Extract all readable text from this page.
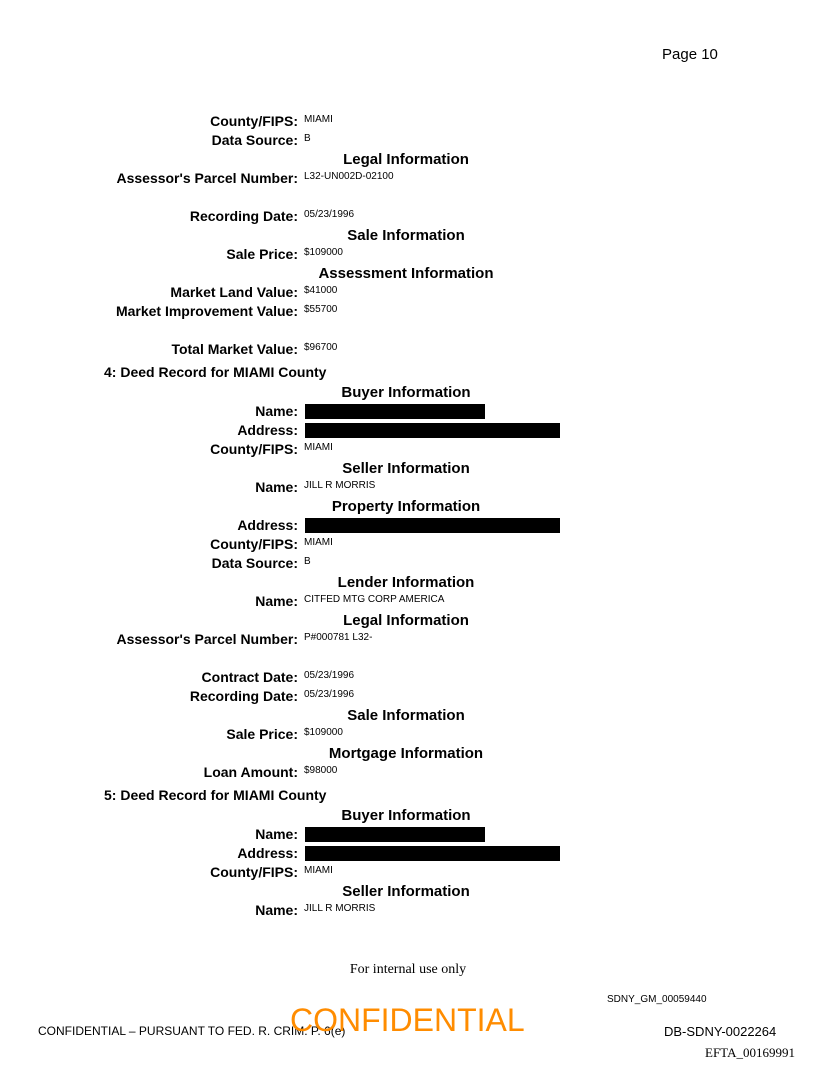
Page 10
County/FIPS: MIAMI
Data Source: B
Legal Information
Assessor's Parcel Number: L32-UN002D-02100
Recording Date: 05/23/1996
Sale Information
Sale Price: $109000
Assessment Information
Market Land Value: $41000
Market Improvement Value: $55700
Total Market Value: $96700
4: Deed Record for MIAMI County
Buyer Information
Name:
Address:
County/FIPS: MIAMI
Seller Information
Name: JILL R MORRIS
Property Information
Address:
County/FIPS: MIAMI
Data Source: B
Lender Information
Name: CITFED MTG CORP AMERICA
Legal Information
Assessor's Parcel Number: P#000781 L32-
Contract Date: 05/23/1996
Recording Date: 05/23/1996
Sale Information
Sale Price: $109000
Mortgage Information
Loan Amount: $98000
5: Deed Record for MIAMI County
Buyer Information
Name:
Address:
County/FIPS: MIAMI
Seller Information
Name: JILL R MORRIS
For internal use only
SDNY_GM_00059440
CONFIDENTIAL – PURSUANT TO FED. R. CRIM. P. 6(e)
CONFIDENTIAL	DB-SDNY-0022264
EFTA_00169991
